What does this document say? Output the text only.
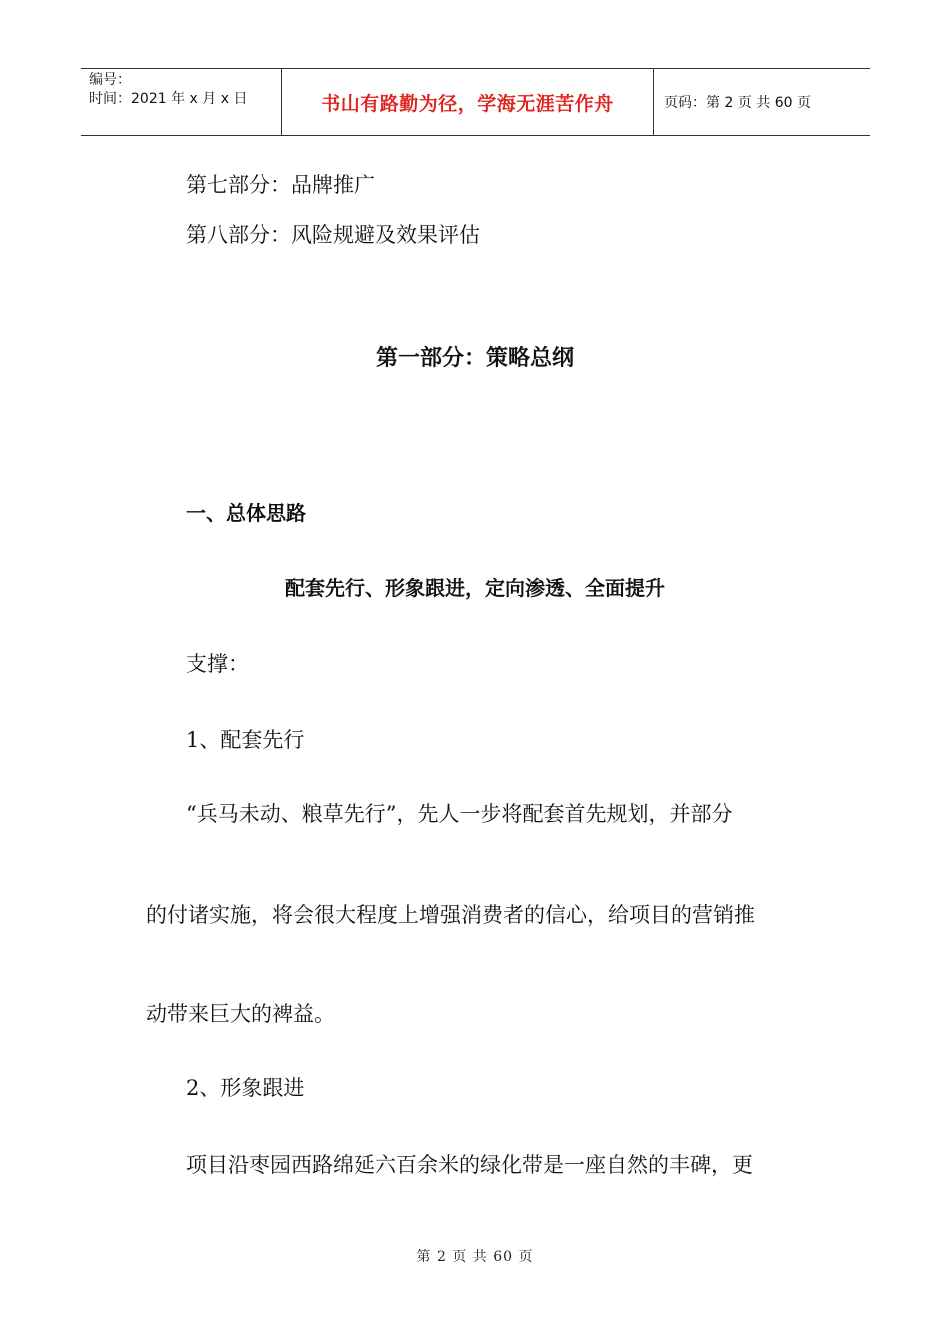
编号：
时间：2021 年 x 月 x 日	书山有路勤为径，学海无涯苦作舟	页码：第 2 页 共 60 页
第七部分：品牌推广
第八部分：风险规避及效果评估
第一部分：策略总纲
一、总体思路
配套先行、形象跟进，定向渗透、全面提升
支撑：
1、配套先行
“兵马未动、粮草先行”，先人一步将配套首先规划，并部分
的付诸实施，将会很大程度上增强消费者的信心，给项目的营销推
动带来巨大的裨益。
2、形象跟进
项目沿枣园西路绵延六百余米的绿化带是一座自然的丰碑，更
第 2 页 共 60 页
